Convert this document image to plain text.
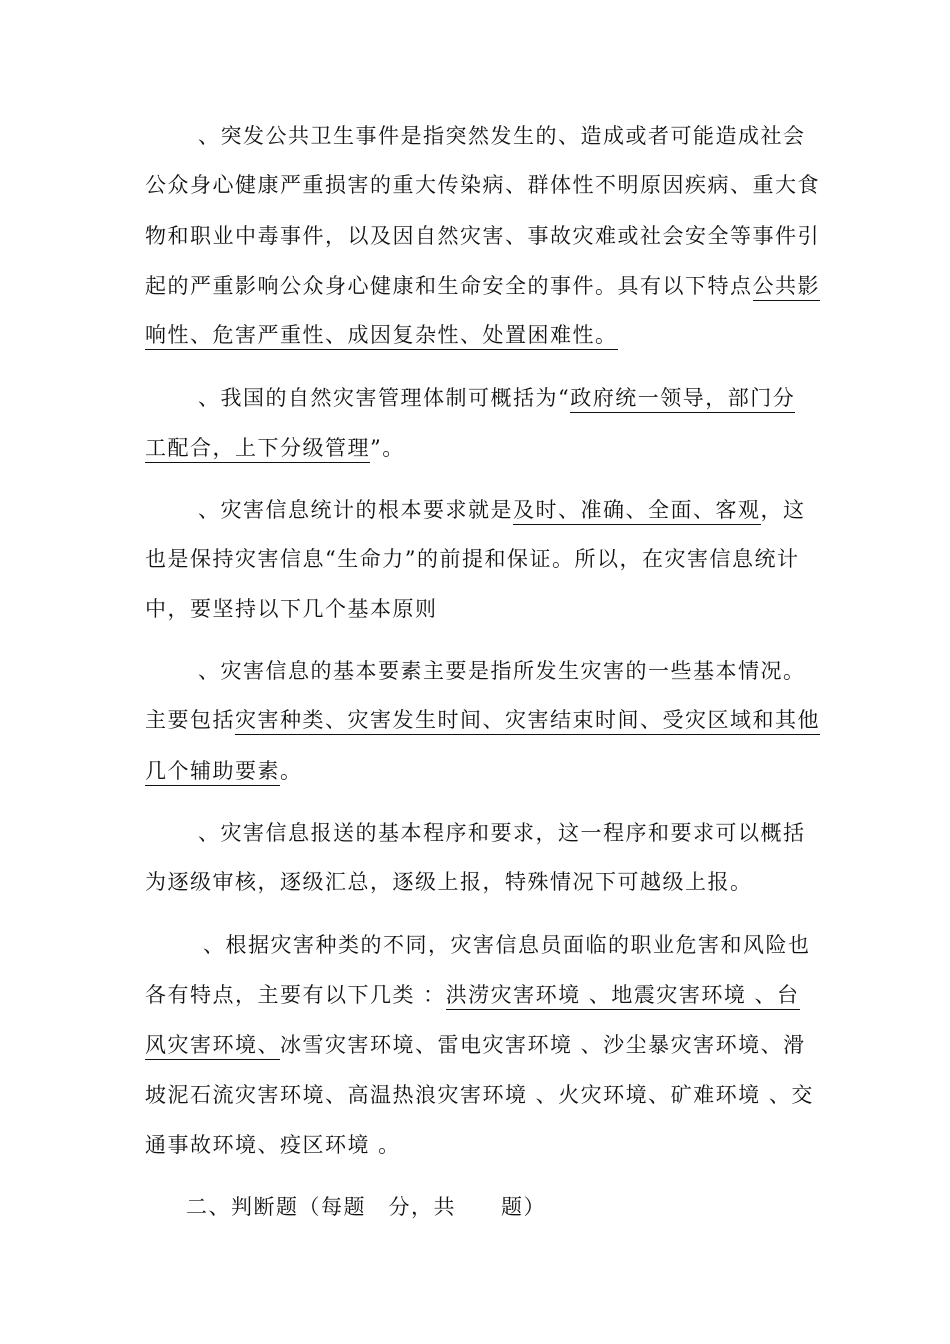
、突发公共卫生事件是指突然发生的、造成或者可能造成社会
公众身心健康严重损害的重大传染病、群体性不明原因疾病、重大食
物和职业中毒事件，以及因自然灾害、事故灾难或社会安全等事件引
起的严重影响公众身心健康和生命安全的事件。具有以下特点公共影
响性、危害严重性、成因复杂性、处置困难性。
、我国的自然灾害管理体制可概括为“政府统一领导，部门分
工配合，上下分级管理”。
、灾害信息统计的根本要求就是及时、准确、全面、客观，这
也是保持灾害信息“生命力”的前提和保证。所以，在灾害信息统计
中，要坚持以下几个基本原则
、灾害信息的基本要素主要是指所发生灾害的一些基本情况。
主要包括灾害种类、灾害发生时间、灾害结束时间、受灾区域和其他
几个辅助要素。
、灾害信息报送的基本程序和要求，这一程序和要求可以概括
为逐级审核，逐级汇总，逐级上报，特殊情况下可越级上报。
、根据灾害种类的不同，灾害信息员面临的职业危害和风险也
各有特点，主要有以下几类 ：洪涝灾害环境 、地震灾害环境 、台
风灾害环境、冰雪灾害环境、雷电灾害环境 、沙尘暴灾害环境、滑
坡泥石流灾害环境、高温热浪灾害环境 、火灾环境、矿难环境 、交
通事故环境、疫区环境 。
二、判断题（每题　分，共　　题）
